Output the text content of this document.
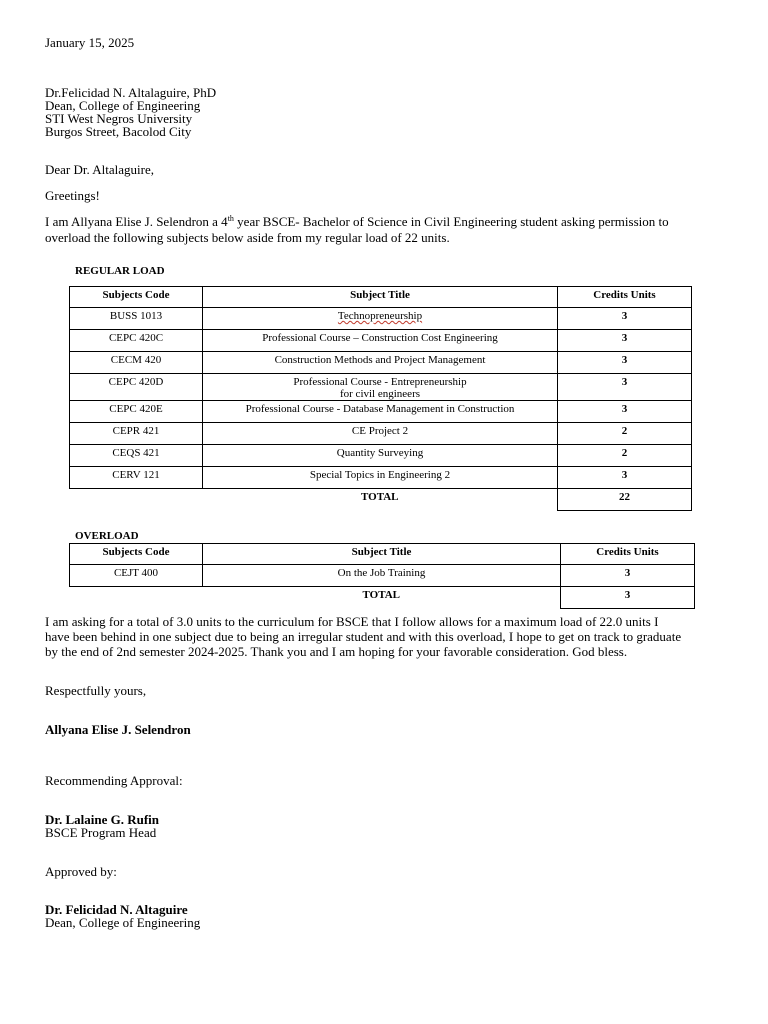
January 15, 2025

Dr.Felicidad N. Altalaguire, PhD

Dean, College of Engineering

STI West Negros University

Burgos Street, Bacolod City

Dear Dr. Altalaguire,

Greetings!

I am Allyana Elise J. Selendron a 4th year BSCE- Bachelor of Science in Civil Engineering student asking permission to

overload the following subjects below aside from my regular load of 22 units.

REGULAR LOAD
Subjects Code	Subject Title	Credits Units
BUSS 1013	Technopreneurship	3
CEPC 420C	Professional Course – Construction Cost Engineering	3
CECM 420	Construction Methods and Project Management	3
CEPC 420D	Professional Course - Entrepreneurship
for civil engineers	3
CEPC 420E	Professional Course - Database Management in Construction	3
CEPR 421	CE Project 2	2
CEQS 421	Quantity Surveying	2
CERV 121	Special Topics in Engineering 2	3
	TOTAL	22
OVERLOAD
Subjects Code	Subject Title	Credits Units
CEJT 400	On the Job Training	3
	TOTAL	3

I am asking for a total of 3.0 units to the curriculum for BSCE that I follow allows for a maximum load of 22.0 units I

have been behind in one subject due to being an irregular student and with this overload, I hope to get on track to graduate

by the end of 2nd semester 2024-2025. Thank you and I am hoping for your favorable consideration. God bless.

Respectfully yours,

Allyana Elise J. Selendron

Recommending Approval:

Dr. Lalaine G. Rufin

BSCE Program Head

Approved by:

Dr. Felicidad N. Altaguire

Dean, College of Engineering
